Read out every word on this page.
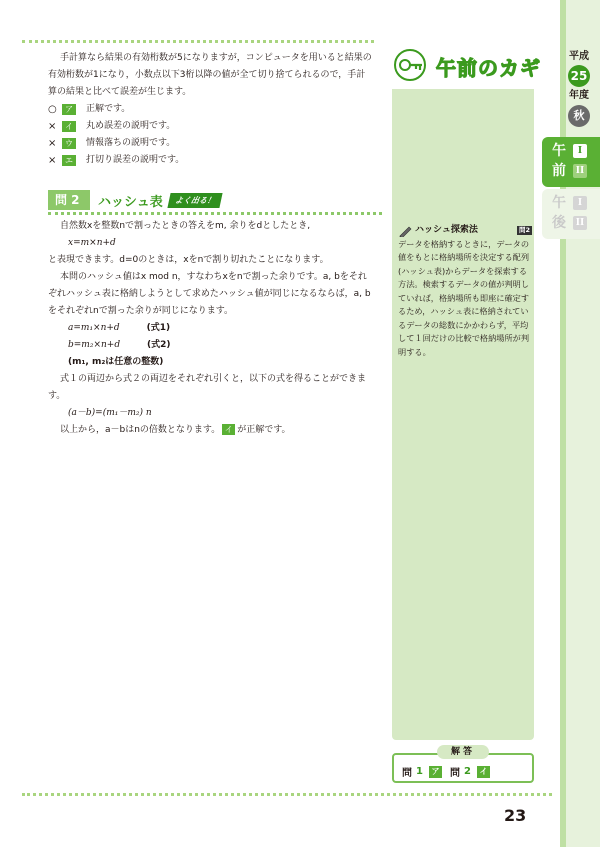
手計算なら結果の有効桁数が5になりますが，コンピュータを用いると結果の
有効桁数が1になり，小数点以下3桁以降の値が全て切り捨てられるので，手計
算の結果と比べて誤差が生じます。
○	ア	正解です。
×	イ	丸め誤差の説明です。
×	ウ	情報落ちの説明です。
×	エ	打切り誤差の説明です。
問 2	ハッシュ表	よく出る！
自然数xを整数nで割ったときの答えをm, 余りをdとしたとき,
x=m×n+d
と表現できます。d=0のときは，xをnで割り切れたことになります。
本問のハッシュ値はx mod n，すなわちxをnで割った余りです。a, bをそれ
ぞれハッシュ表に格納しようとして求めたハッシュ値が同じになるならば，a, b
をそれぞれnで割った余りが同じになります。
a=m₁×n+d	(式1)
b=m₂×n+d	(式2)
(m₁, m₂は任意の整数)
式１の両辺から式２の両辺をそれぞれ引くと，以下の式を得ることができま
す。
(a－b)=(m₁－m₂) n
以上から，a－bはnの倍数となります。 イ が正解です。
午前のカギ
ハッシュ探索法	問2
データを格納するときに，データの値をもとに格納場所を決定する配列(ハッシュ表)からデータを探索する方法。検索するデータの値が判明していれば，格納場所も即座に確定するため，ハッシュ表に格納されているデータの総数にかかわらず，平均して１回だけの比較で格納場所が判明する。
解答
問 1	ア 問 2	イ
平成
25
年度
秋
午前
I
II
午後
I
II
23
